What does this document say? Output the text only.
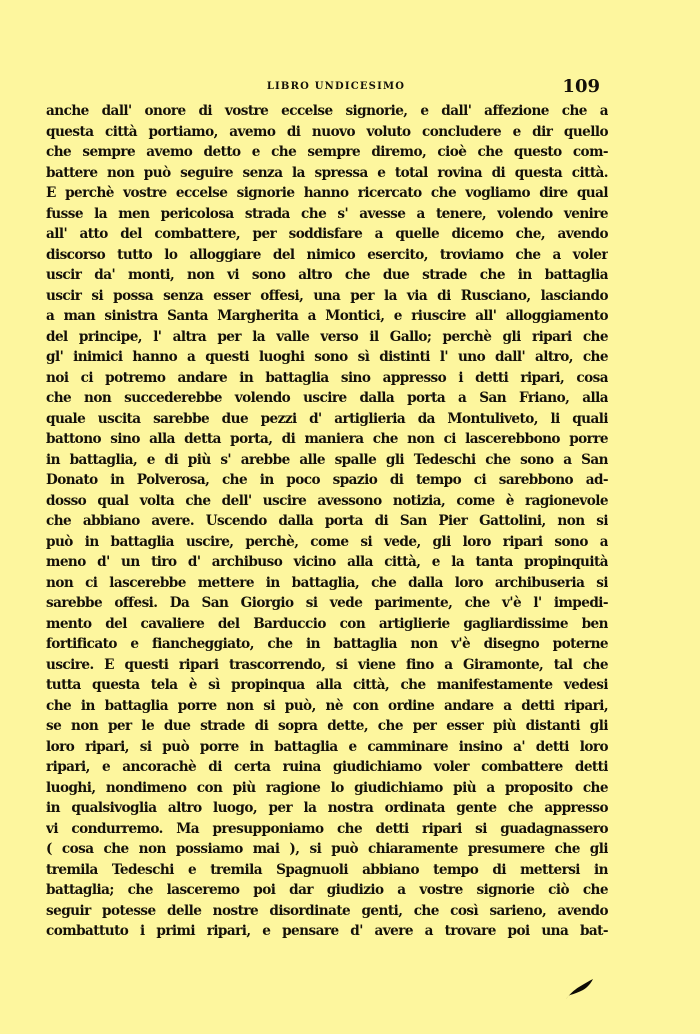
LIBRO UNDICESIMO	109
anche dall' onore di vostre eccelse signorie, e dall' affezione che a
questa città portiamo, avemo di nuovo voluto concludere e dir quello
che sempre avemo detto e che sempre diremo, cioè che questo com-
battere non può seguire senza la spressa e total rovina di questa città.
E perchè vostre eccelse signorie hanno ricercato che vogliamo dire qual
fusse la men pericolosa strada che s' avesse a tenere, volendo venire
all' atto del combattere, per soddisfare a quelle dicemo che, avendo
discorso tutto lo alloggiare del nimico esercito, troviamo che a voler
uscir da' monti, non vi sono altro che due strade che in battaglia
uscir si possa senza esser offesi, una per la via di Rusciano, lasciando
a man sinistra Santa Margherita a Montici, e riuscire all' alloggiamento
del principe, l' altra per la valle verso il Gallo; perchè gli ripari che
gl' inimici hanno a questi luoghi sono sì distinti l' uno dall' altro, che
noi ci potremo andare in battaglia sino appresso i detti ripari, cosa
che non succederebbe volendo uscire dalla porta a San Friano, alla
quale uscita sarebbe due pezzi d' artiglieria da Montuliveto, li quali
battono sino alla detta porta, di maniera che non ci lascerebbono porre
in battaglia, e di più s' arebbe alle spalle gli Tedeschi che sono a San
Donato in Polverosa, che in poco spazio di tempo ci sarebbono ad-
dosso qual volta che dell' uscire avessono notizia, come è ragionevole
che abbiano avere. Uscendo dalla porta di San Pier Gattolini, non si
può in battaglia uscire, perchè, come si vede, gli loro ripari sono a
meno d' un tiro d' archibuso vicino alla città, e la tanta propinquità
non ci lascerebbe mettere in battaglia, che dalla loro archibuseria si
sarebbe offesi. Da San Giorgio si vede parimente, che v'è l' impedi-
mento del cavaliere del Barduccio con artiglierie gagliardissime ben
fortificato e fiancheggiato, che in battaglia non v'è disegno poterne
uscire. E questi ripari trascorrendo, si viene fino a Giramonte, tal che
tutta questa tela è sì propinqua alla città, che manifestamente vedesi
che in battaglia porre non si può, nè con ordine andare a detti ripari,
se non per le due strade di sopra dette, che per esser più distanti gli
loro ripari, si può porre in battaglia e camminare insino a' detti loro
ripari, e ancorachè di certa ruina giudichiamo voler combattere detti
luoghi, nondimeno con più ragione lo giudichiamo più a proposito che
in qualsivoglia altro luogo, per la nostra ordinata gente che appresso
vi condurremo. Ma presupponiamo che detti ripari si guadagnassero
( cosa che non possiamo mai ), si può chiaramente presumere che gli
tremila Tedeschi e tremila Spagnuoli abbiano tempo di mettersi in
battaglia; che lasceremo poi dar giudizio a vostre signorie ciò che
seguir potesse delle nostre disordinate genti, che così sarieno, avendo
combattuto i primi ripari, e pensare d' avere a trovare poi una bat-
